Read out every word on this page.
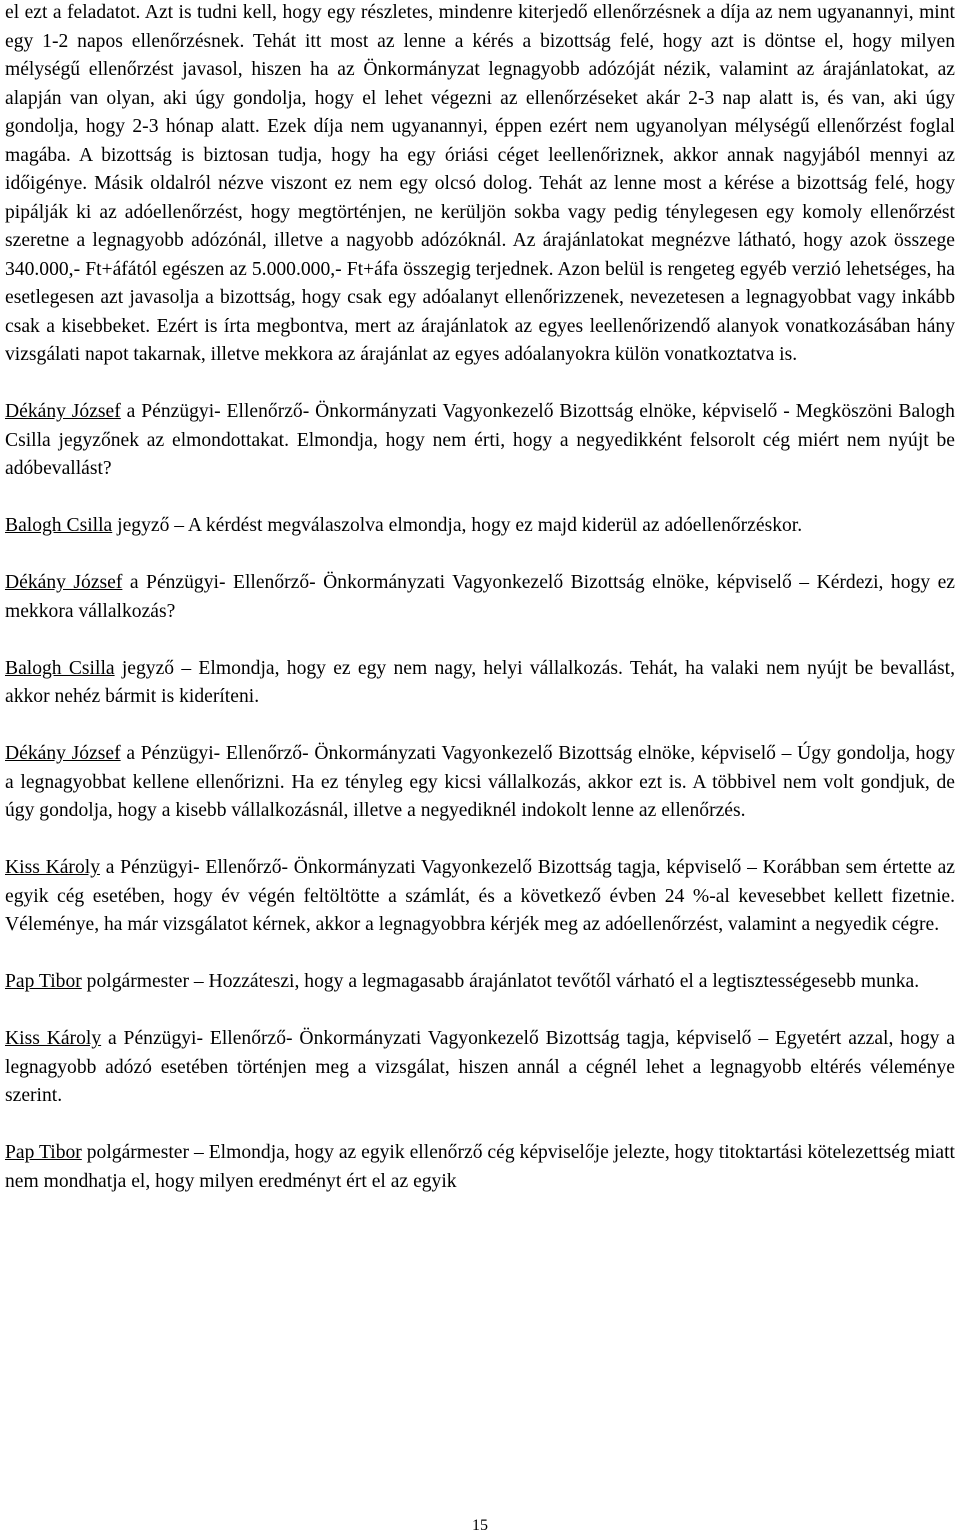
el ezt a feladatot. Azt is tudni kell, hogy egy részletes, mindenre kiterjedő ellenőrzésnek a díja az nem ugyanannyi, mint egy 1-2 napos ellenőrzésnek. Tehát itt most az lenne a kérés a bizottság felé, hogy azt is döntse el, hogy milyen mélységű ellenőrzést javasol, hiszen ha az Önkormányzat legnagyobb adózóját nézik, valamint az árajánlatokat, az alapján van olyan, aki úgy gondolja, hogy el lehet végezni az ellenőrzéseket akár 2-3 nap alatt is, és van, aki úgy gondolja, hogy 2-3 hónap alatt. Ezek díja nem ugyanannyi, éppen ezért nem ugyanolyan mélységű ellenőrzést foglal magába. A bizottság is biztosan tudja, hogy ha egy óriási céget leellenőriznek, akkor annak nagyjából mennyi az időigénye. Másik oldalról nézve viszont ez nem egy olcsó dolog. Tehát az lenne most a kérése a bizottság felé, hogy pipálják ki az adóellenőrzést, hogy megtörténjen, ne kerüljön sokba vagy pedig ténylegesen egy komoly ellenőrzést szeretne a legnagyobb adózónál, illetve a nagyobb adózóknál. Az árajánlatokat megnézve látható, hogy azok összege 340.000,- Ft+áfától egészen az 5.000.000,- Ft+áfa összegig terjednek. Azon belül is rengeteg egyéb verzió lehetséges, ha esetlegesen azt javasolja a bizottság, hogy csak egy adóalanyt ellenőrizzenek, nevezetesen a legnagyobbat vagy inkább csak a kisebbeket. Ezért is írta megbontva, mert az árajánlatok az egyes leellenőrizendő alanyok vonatkozásában hány vizsgálati napot takarnak, illetve mekkora az árajánlat az egyes adóalanyokra külön vonatkoztatva is.

Dékány József a Pénzügyi- Ellenőrző- Önkormányzati Vagyonkezelő Bizottság elnöke, képviselő - Megköszöni Balogh Csilla jegyzőnek az elmondottakat. Elmondja, hogy nem érti, hogy a negyedikként felsorolt cég miért nem nyújt be adóbevallást?

Balogh Csilla jegyző – A kérdést megválaszolva elmondja, hogy ez majd kiderül az adóellenőrzéskor.

Dékány József a Pénzügyi- Ellenőrző- Önkormányzati Vagyonkezelő Bizottság elnöke, képviselő – Kérdezi, hogy ez mekkora vállalkozás?

Balogh Csilla jegyző – Elmondja, hogy ez egy nem nagy, helyi vállalkozás. Tehát, ha valaki nem nyújt be bevallást, akkor nehéz bármit is kideríteni.

Dékány József a Pénzügyi- Ellenőrző- Önkormányzati Vagyonkezelő Bizottság elnöke, képviselő – Úgy gondolja, hogy a legnagyobbat kellene ellenőrizni. Ha ez tényleg egy kicsi vállalkozás, akkor ezt is. A többivel nem volt gondjuk, de úgy gondolja, hogy a kisebb vállalkozásnál, illetve a negyediknél indokolt lenne az ellenőrzés.

Kiss Károly a Pénzügyi- Ellenőrző- Önkormányzati Vagyonkezelő Bizottság tagja, képviselő – Korábban sem értette az egyik cég esetében, hogy év végén feltöltötte a számlát, és a következő évben 24 %-al kevesebbet kellett fizetnie. Véleménye, ha már vizsgálatot kérnek, akkor a legnagyobbra kérjék meg az adóellenőrzést, valamint a negyedik cégre.

Pap Tibor polgármester – Hozzáteszi, hogy a legmagasabb árajánlatot tevőtől várható el a legtisztességesebb munka.

Kiss Károly a Pénzügyi- Ellenőrző- Önkormányzati Vagyonkezelő Bizottság tagja, képviselő – Egyetért azzal, hogy a legnagyobb adózó esetében történjen meg a vizsgálat, hiszen annál a cégnél lehet a legnagyobb eltérés véleménye szerint.

Pap Tibor polgármester – Elmondja, hogy az egyik ellenőrző cég képviselője jelezte, hogy titoktartási kötelezettség miatt nem mondhatja el, hogy milyen eredményt ért el az egyik

15
